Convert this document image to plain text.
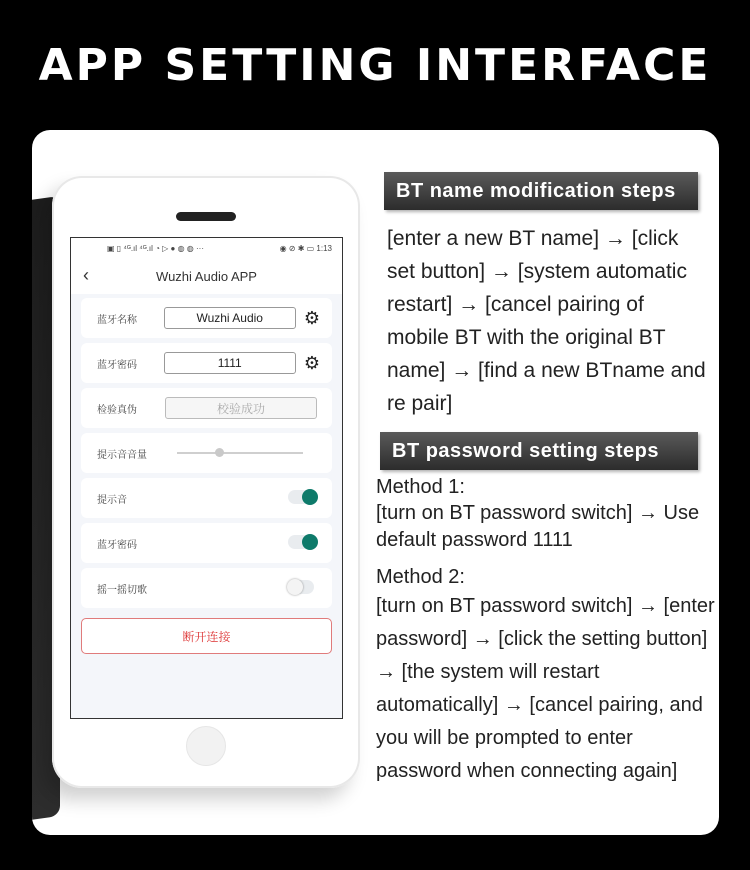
APP SETTING INTERFACE
▣ ▯ ⁴ᴳ.ıl ⁴ᴳ.ıl ◔ ▷ ● ◍ ◍ ···	◉ ⊘ ✱ ▭ 1:13
‹	Wuzhi Audio APP
蓝牙名称	Wuzhi Audio	⚙
蓝牙密码	1111	⚙
检验真伪	校验成功
提示音音量
提示音
蓝牙密码
摇一摇切歌
断开连接
BT name modification steps
[enter a new BT name] → [click set button] → [system automatic restart] → [cancel pairing of mobile BT with the original BT name] → [find a new BTname and re pair]
BT password setting steps
Method 1:
[turn on BT password switch] → Use default password 1111
Method 2:
[turn on BT password switch] → [enter password] → [click the setting button] → [the system will restart automatically] → [cancel pairing, and you will be prompted to enter password when connecting again]
